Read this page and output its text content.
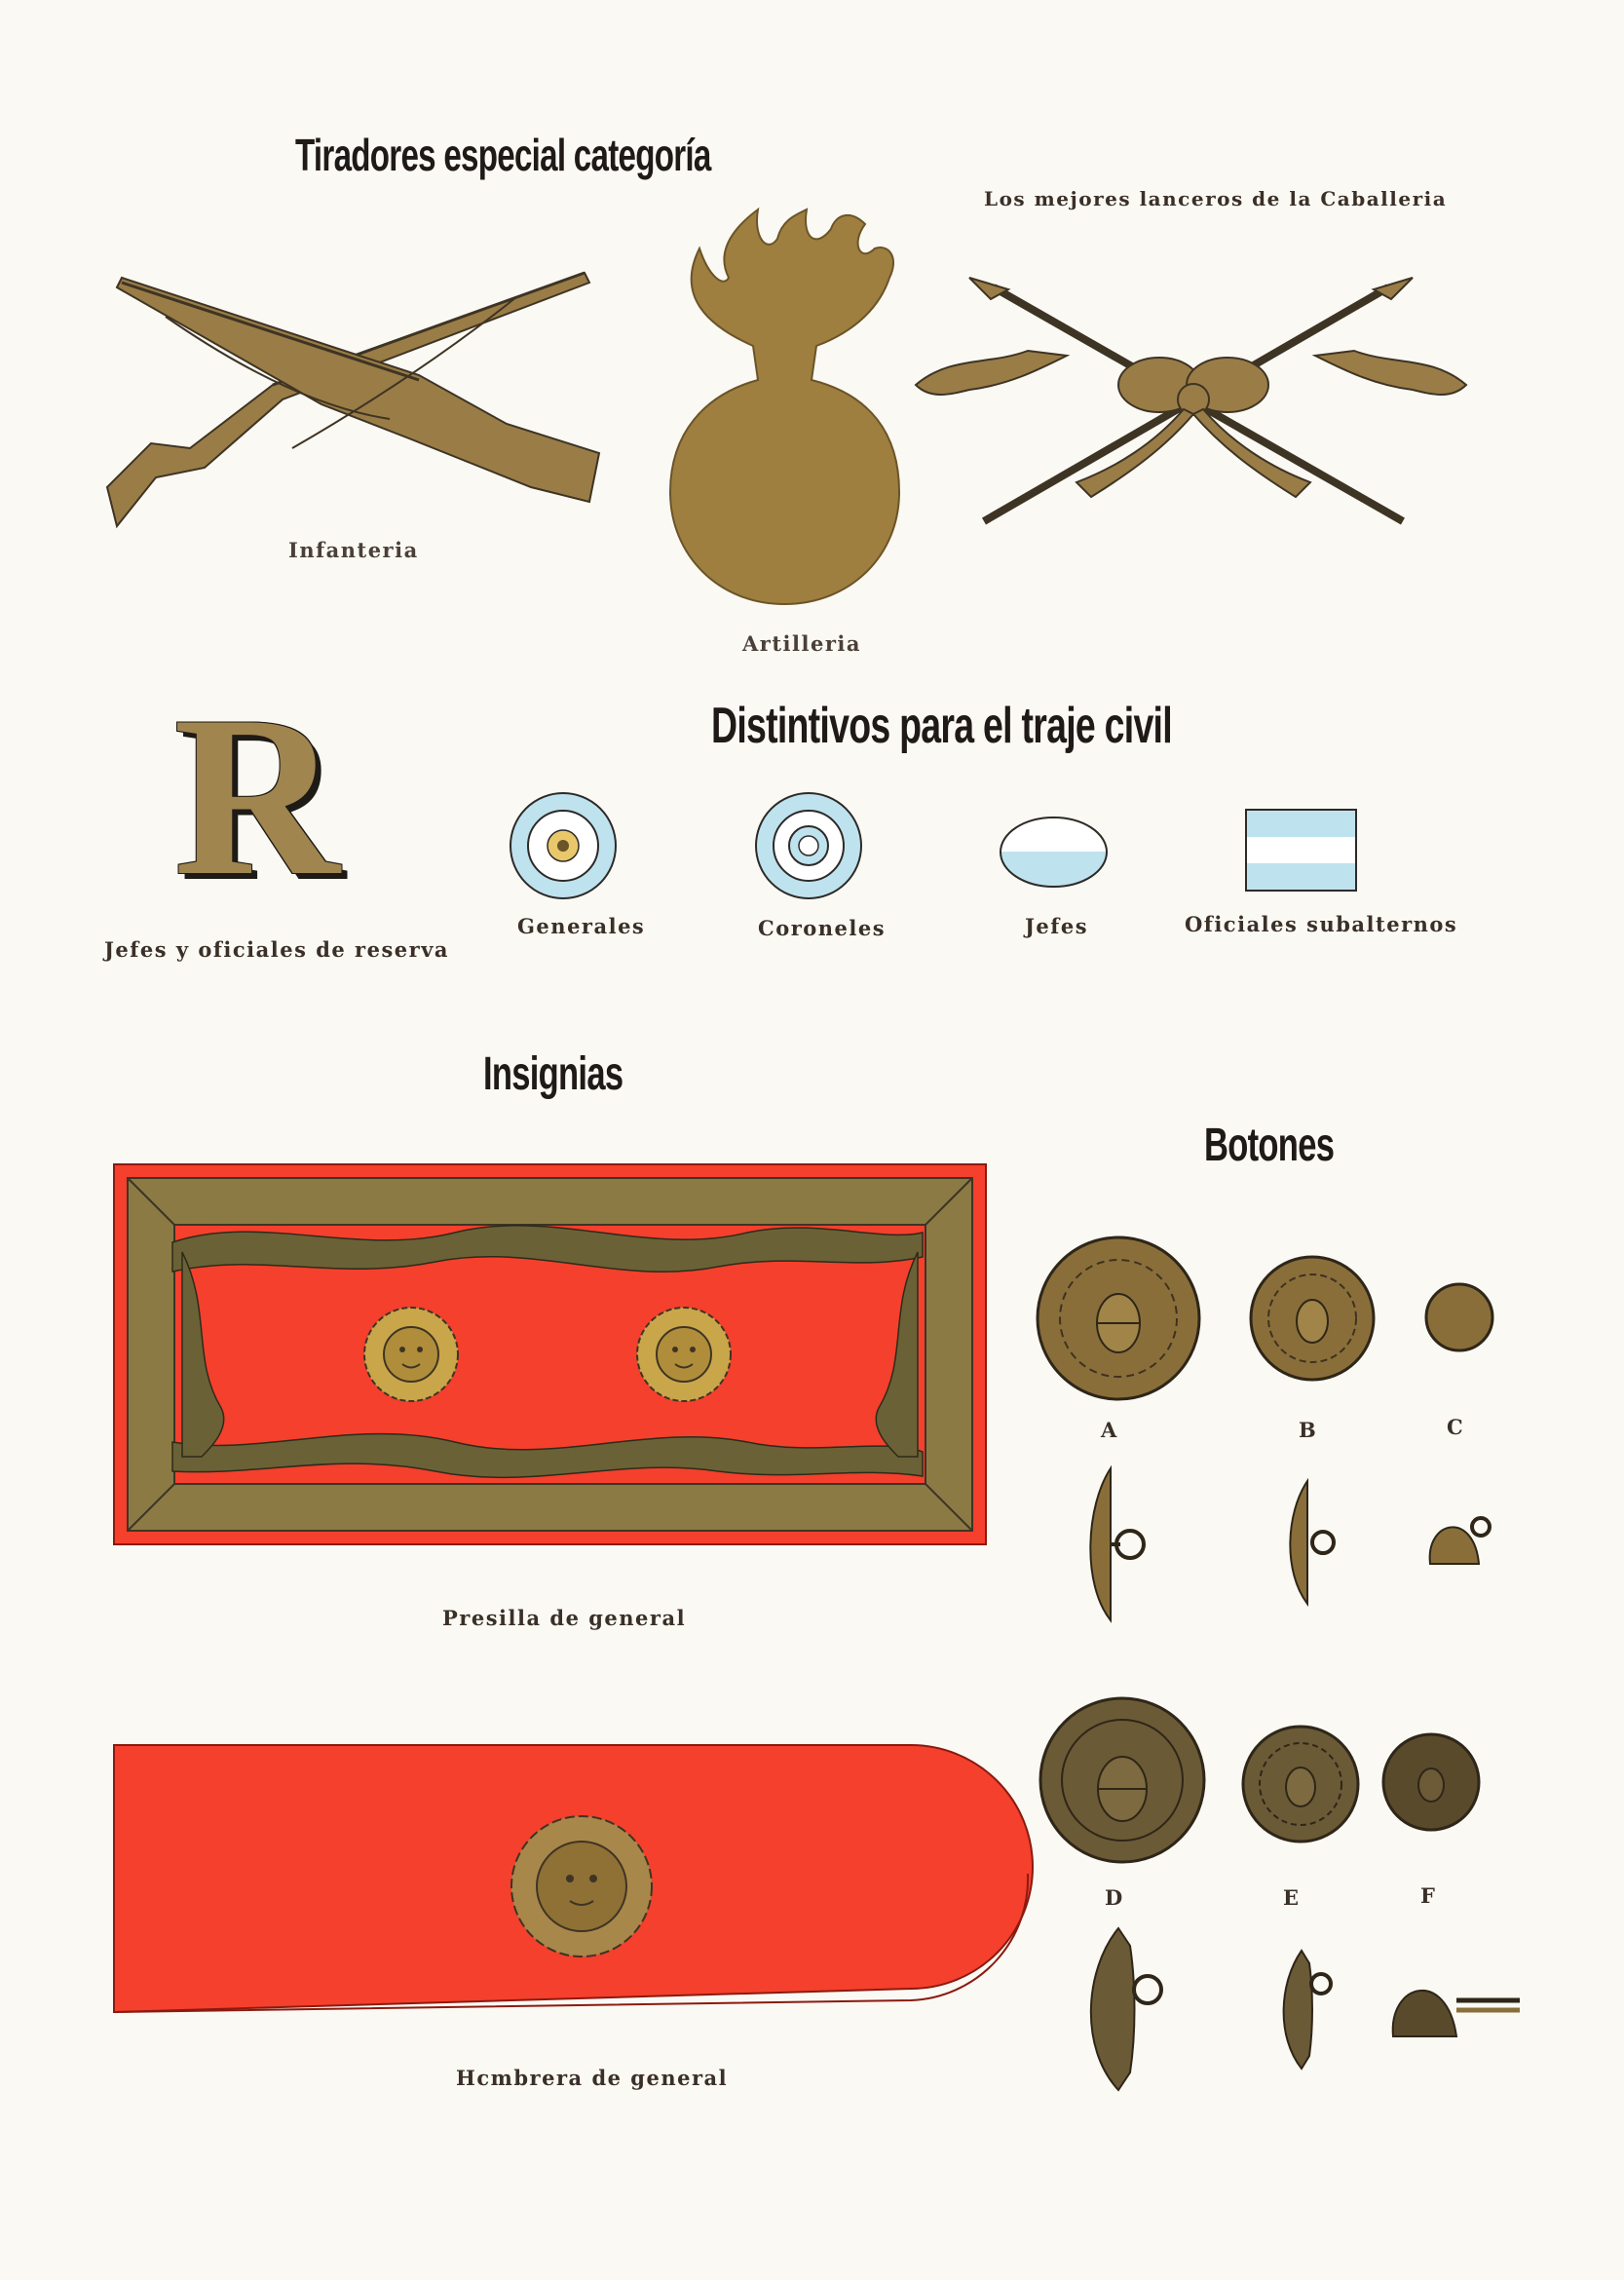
Tiradores especial categoría
Los mejores lanceros de la Caballeria
Infanteria
Artilleria
R
Jefes y oficiales de reserva
Distintivos para el traje civil
Generales	Coroneles	Jefes	Oficiales subalternos
Insignias
Presilla de general
Hcmbrera de general
Botones
A	B	C
D	E	F
